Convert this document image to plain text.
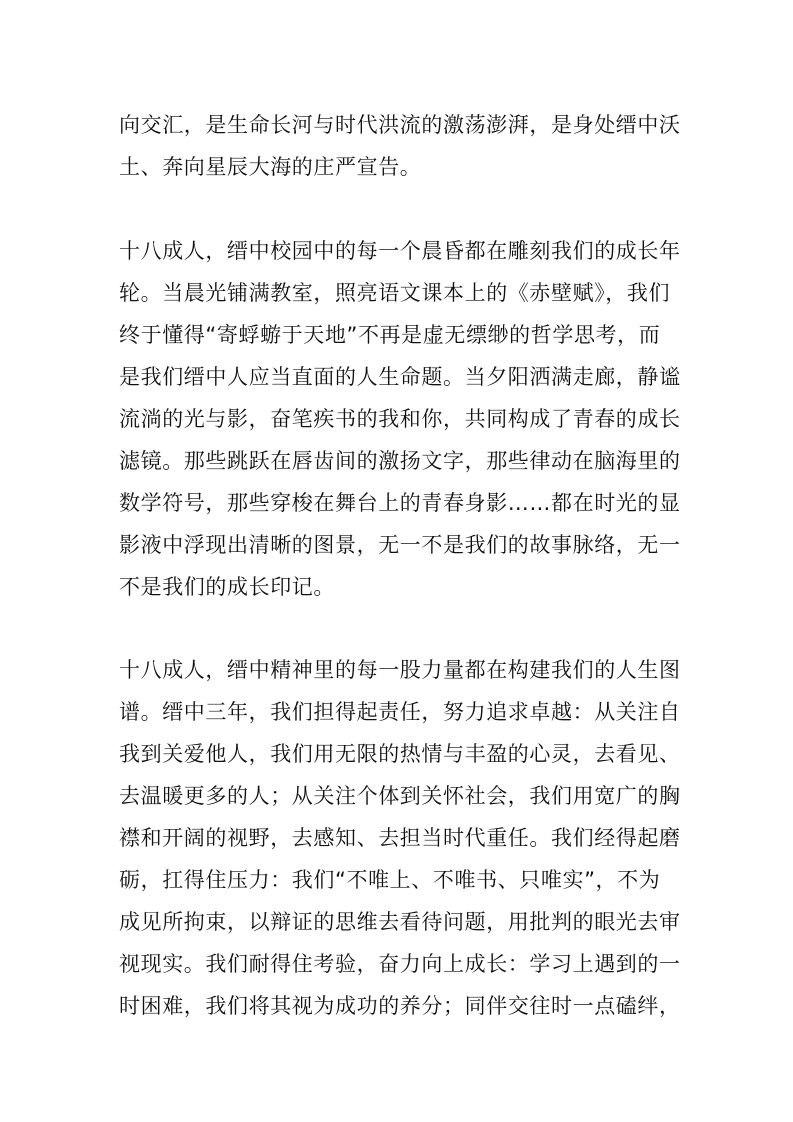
向交汇，是生命长河与时代洪流的激荡澎湃，是身处缙中沃
土、奔向星辰大海的庄严宣告。
十八成人，缙中校园中的每一个晨昏都在雕刻我们的成长年
轮。当晨光铺满教室，照亮语文课本上的《赤壁赋》，我们
终于懂得“寄蜉蝣于天地”不再是虚无缥缈的哲学思考，而
是我们缙中人应当直面的人生命题。当夕阳洒满走廊，静谧
流淌的光与影，奋笔疾书的我和你，共同构成了青春的成长
滤镜。那些跳跃在唇齿间的激扬文字，那些律动在脑海里的
数学符号，那些穿梭在舞台上的青春身影……都在时光的显
影液中浮现出清晰的图景，无一不是我们的故事脉络，无一
不是我们的成长印记。
十八成人，缙中精神里的每一股力量都在构建我们的人生图
谱。缙中三年，我们担得起责任，努力追求卓越：从关注自
我到关爱他人，我们用无限的热情与丰盈的心灵，去看见、
去温暖更多的人；从关注个体到关怀社会，我们用宽广的胸
襟和开阔的视野，去感知、去担当时代重任。我们经得起磨
砺，扛得住压力：我们“不唯上、不唯书、只唯实”，不为
成见所拘束，以辩证的思维去看待问题，用批判的眼光去审
视现实。我们耐得住考验，奋力向上成长：学习上遇到的一
时困难，我们将其视为成功的养分；同伴交往时一点磕绊，
